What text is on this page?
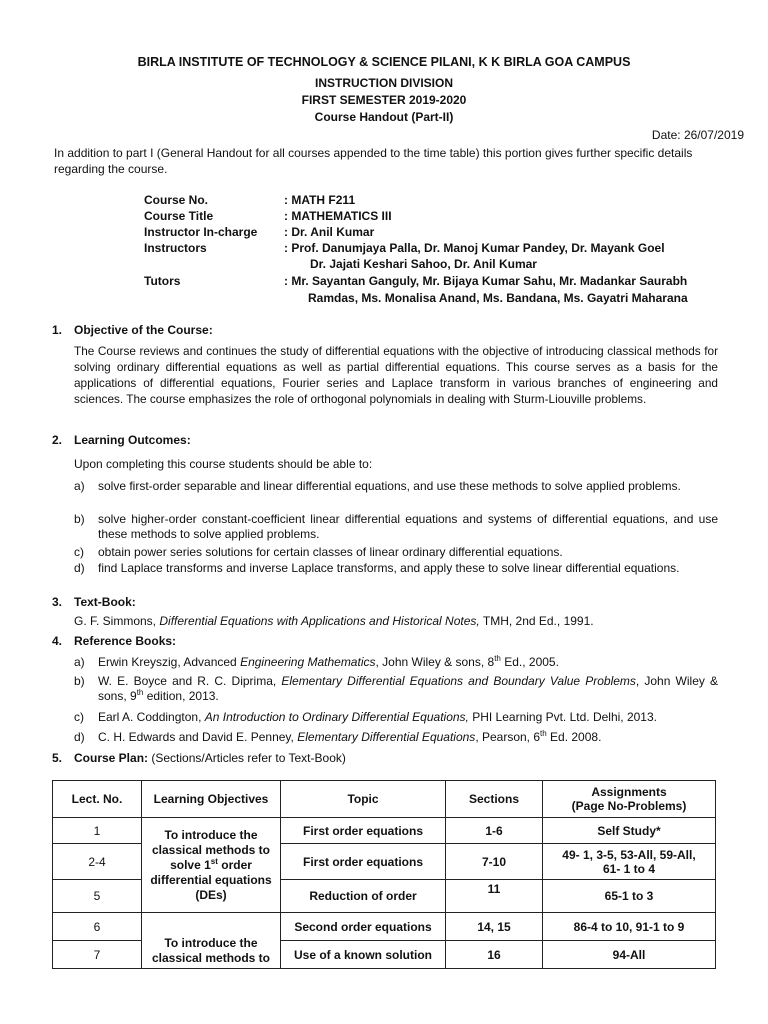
BIRLA INSTITUTE OF TECHNOLOGY & SCIENCE PILANI, K K BIRLA GOA CAMPUS
INSTRUCTION DIVISION
FIRST SEMESTER 2019-2020
Course Handout (Part-II)
Date: 26/07/2019
In addition to part I (General Handout for all courses appended to the time table) this portion gives further specific details regarding the course.
Course No.	: MATH F211
Course Title	: MATHEMATICS III
Instructor In-charge : Dr. Anil Kumar
Instructors	: Prof. Danumjaya Palla, Dr. Manoj Kumar Pandey, Dr. Mayank Goel
Dr. Jajati Keshari Sahoo, Dr. Anil Kumar
Tutors	: Mr. Sayantan Ganguly, Mr. Bijaya Kumar Sahu, Mr. Madankar Saurabh
Ramdas, Ms. Monalisa Anand, Ms. Bandana, Ms. Gayatri Maharana
1. Objective of the Course:
The Course reviews and continues the study of differential equations with the objective of introducing classical methods for solving ordinary differential equations as well as partial differential equations. This course serves as a basis for the applications of differential equations, Fourier series and Laplace transform in various branches of engineering and sciences. The course emphasizes the role of orthogonal polynomials in dealing with Sturm-Liouville problems.
2. Learning Outcomes:
Upon completing this course students should be able to:
a) solve first-order separable and linear differential equations, and use these methods to solve applied problems.
b) solve higher-order constant-coefficient linear differential equations and systems of differential equations, and use these methods to solve applied problems.
c) obtain power series solutions for certain classes of linear ordinary differential equations.
d) find Laplace transforms and inverse Laplace transforms, and apply these to solve linear differential equations.
3. Text-Book:
G. F. Simmons, Differential Equations with Applications and Historical Notes, TMH, 2nd Ed., 1991.
4. Reference Books:
a) Erwin Kreyszig, Advanced Engineering Mathematics, John Wiley & sons, 8th Ed., 2005.
b) W. E. Boyce and R. C. Diprima, Elementary Differential Equations and Boundary Value Problems, John Wiley & sons, 9th edition, 2013.
c) Earl A. Coddington, An Introduction to Ordinary Differential Equations, PHI Learning Pvt. Ltd. Delhi, 2013.
d) C. H. Edwards and David E. Penney, Elementary Differential Equations, Pearson, 6th Ed. 2008.
5. Course Plan: (Sections/Articles refer to Text-Book)
Lect. No.	Learning Objectives	Topic	Sections	Assignments
(Page No-Problems)
1	To introduce the classical methods to solve 1st order differential equations (DEs)	First order equations	1-6	Self Study*
2-4		First order equations	7-10	49- 1, 3-5, 53-All, 59-All, 61- 1 to 4
5		Reduction of order	11	65-1 to 3
6	To introduce the classical methods to	Second order equations	14, 15	86-4 to 10, 91-1 to 9
7		Use of a known solution	16	94-All
